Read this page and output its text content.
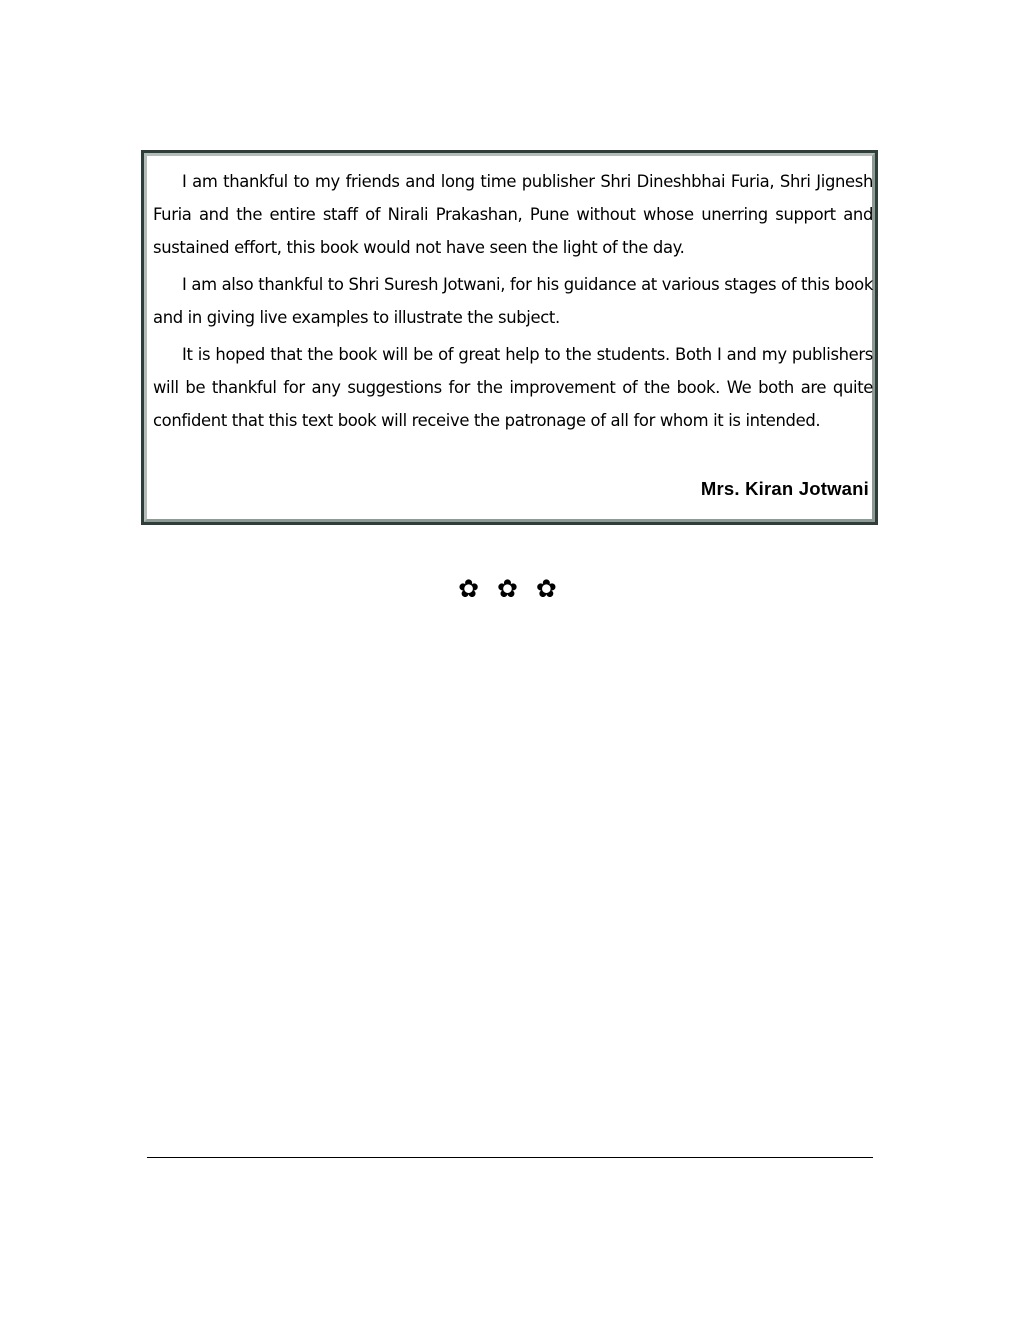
I am thankful to my friends and long time publisher Shri Dineshbhai Furia, Shri Jignesh Furia and the entire staff of Nirali Prakashan, Pune without whose unerring support and sustained effort, this book would not have seen the light of the day.

I am also thankful to Shri Suresh Jotwani, for his guidance at various stages of this book and in giving live examples to illustrate the subject.

It is hoped that the book will be of great help to the students. Both I and my publishers will be thankful for any suggestions for the improvement of the book. We both are quite confident that this text book will receive the patronage of all for whom it is intended.

Mrs. Kiran Jotwani
✿ ✿ ✿
